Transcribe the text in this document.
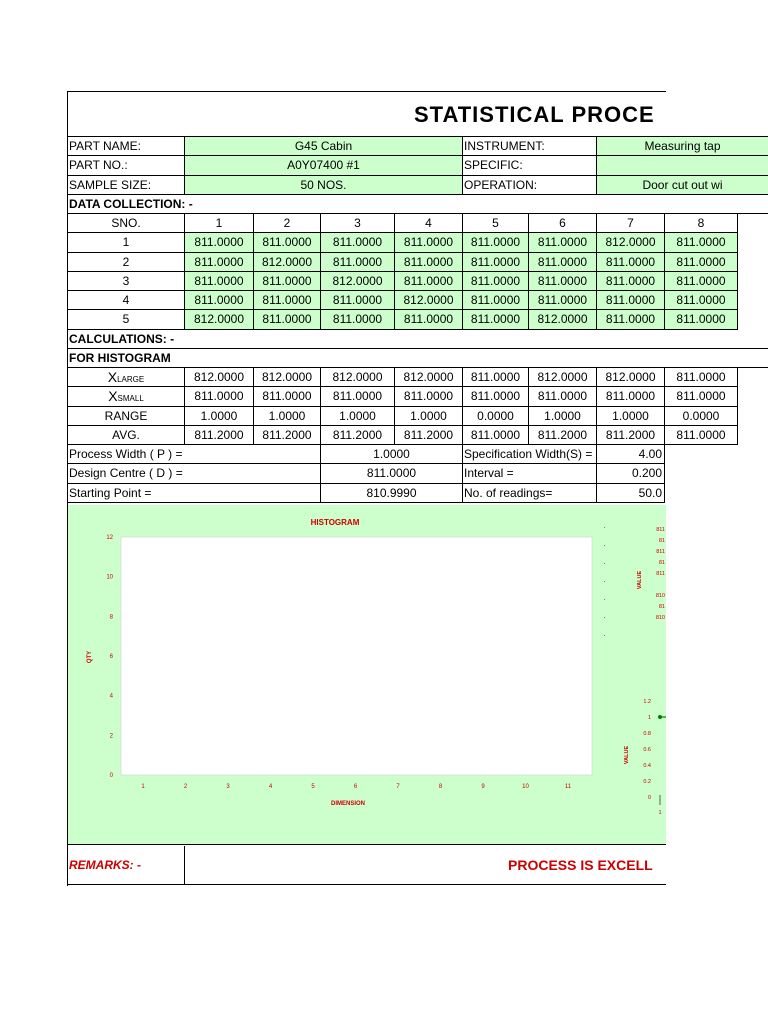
STATISTICAL PROCE
PART NAME:	G45 Cabin	INSTRUMENT:	Measuring tap
PART NO.:	A0Y07400 #1	SPECIFIC:
SAMPLE SIZE:	50 NOS.	OPERATION:	Door cut out wi
DATA COLLECTION: -
SNO.	1	2	3	4	5	6	7	8
1	811.0000	811.0000	811.0000	811.0000	811.0000	811.0000	812.0000	811.0000
2	811.0000	812.0000	811.0000	811.0000	811.0000	811.0000	811.0000	811.0000
3	811.0000	811.0000	812.0000	811.0000	811.0000	811.0000	811.0000	811.0000
4	811.0000	811.0000	811.0000	812.0000	811.0000	811.0000	811.0000	811.0000
5	812.0000	811.0000	811.0000	811.0000	811.0000	812.0000	811.0000	811.0000
CALCULATIONS: -
FOR HISTOGRAM
XLARGE	812.0000	812.0000	812.0000	812.0000	811.0000	812.0000	812.0000	811.0000
XSMALL	811.0000	811.0000	811.0000	811.0000	811.0000	811.0000	811.0000	811.0000
RANGE	1.0000	1.0000	1.0000	1.0000	0.0000	1.0000	1.0000	0.0000
AVG.	811.2000	811.2000	811.2000	811.2000	811.0000	811.2000	811.2000	811.0000
Process Width ( P ) =	1.0000	Specification Width(S) =	4.00
Design Centre ( D ) =	811.0000	Interval =	0.200
Starting Point =	810.9990	No. of readings=	50.0
HISTOGRAM
0
2
4
6
8
10
12
1	2	3	4	5	6	7	8	9	10	11
DIMENSION
QTY
811
81
811
81
811
810
81
810
VALUE
1.2
1
0.8
0.6
0.4
0.2
0
VALUE
1
REMARKS: -	PROCESS IS EXCELL
